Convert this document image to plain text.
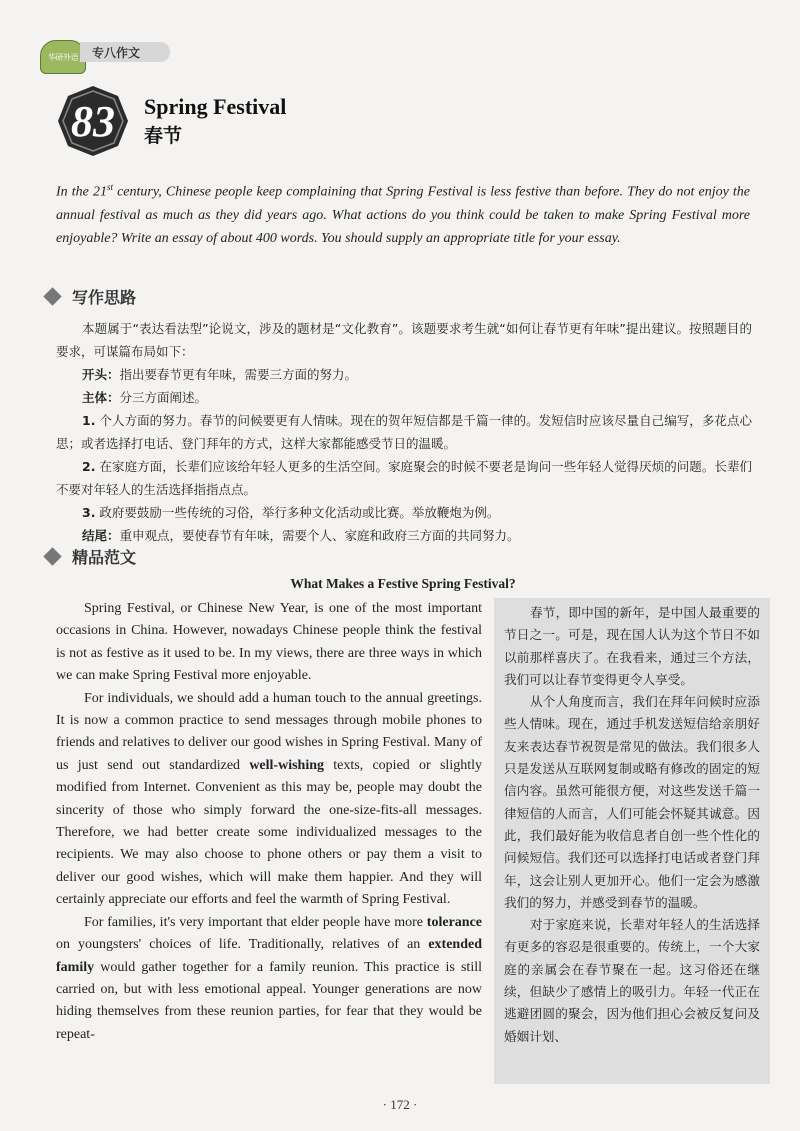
华研外语	专八作文
83	Spring Festival
春节
In the 21st century, Chinese people keep complaining that Spring Festival is less festive than before. They do not enjoy the annual festival as much as they did years ago. What actions do you think could be taken to make Spring Festival more enjoyable? Write an essay of about 400 words. You should supply an appropriate title for your essay.
写作思路

本题属于“表达看法型”论说文，涉及的题材是“文化教育”。该题要求考生就“如何让春节更有年味”提出建议。按照题目的要求，可谋篇布局如下：

开头：指出要春节更有年味，需要三方面的努力。

主体：分三方面阐述。

1. 个人方面的努力。春节的问候要更有人情味。现在的贺年短信都是千篇一律的。发短信时应该尽量自己编写，多花点心思；或者选择打电话、登门拜年的方式，这样大家都能感受节日的温暖。

2. 在家庭方面，长辈们应该给年轻人更多的生活空间。家庭聚会的时候不要老是询问一些年轻人觉得厌烦的问题。长辈们不要对年轻人的生活选择指指点点。

3. 政府要鼓励一些传统的习俗，举行多种文化活动或比赛。举放鞭炮为例。

结尾：重申观点，要使春节有年味，需要个人、家庭和政府三方面的共同努力。

精品范文
What Makes a Festive Spring Festival?

Spring Festival, or Chinese New Year, is one of the most important occasions in China. However, nowadays Chinese people think the festival is not as festive as it used to be. In my views, there are three ways in which we can make Spring Festival more enjoyable.

For individuals, we should add a human touch to the annual greetings. It is now a common practice to send messages through mobile phones to friends and relatives to deliver our good wishes in Spring Festival. Many of us just send out standardized well-wishing texts, copied or slightly modified from Internet. Convenient as this may be, people may doubt the sincerity of those who simply forward the one-size-fits-all messages. Therefore, we had better create some individualized messages to the recipients. We may also choose to phone others or pay them a visit to deliver our good wishes, which will make them happier. And they will certainly appreciate our efforts and feel the warmth of Spring Festival.

For families, it's very important that elder people have more tolerance on youngsters' choices of life. Traditionally, relatives of an extended family would gather together for a family reunion. This practice is still carried on, but with less emotional appeal. Younger generations are now hiding themselves from these reunion parties, for fear that they would be repeat-

春节，即中国的新年，是中国人最重要的节日之一。可是，现在国人认为这个节日不如以前那样喜庆了。在我看来，通过三个方法，我们可以让春节变得更令人享受。

从个人角度而言，我们在拜年问候时应添些人情味。现在，通过手机发送短信给亲朋好友来表达春节祝贺是常见的做法。我们很多人只是发送从互联网复制或略有修改的固定的短信内容。虽然可能很方便，对这些发送千篇一律短信的人而言，人们可能会怀疑其诚意。因此，我们最好能为收信息者自创一些个性化的问候短信。我们还可以选择打电话或者登门拜年，这会让别人更加开心。他们一定会为感激我们的努力，并感受到春节的温暖。

对于家庭来说，长辈对年轻人的生活选择有更多的容忍是很重要的。传统上，一个大家庭的亲属会在春节聚在一起。这习俗还在继续，但缺少了感情上的吸引力。年轻一代正在逃避团圆的聚会，因为他们担心会被反复问及婚姻计划、

· 172 ·
